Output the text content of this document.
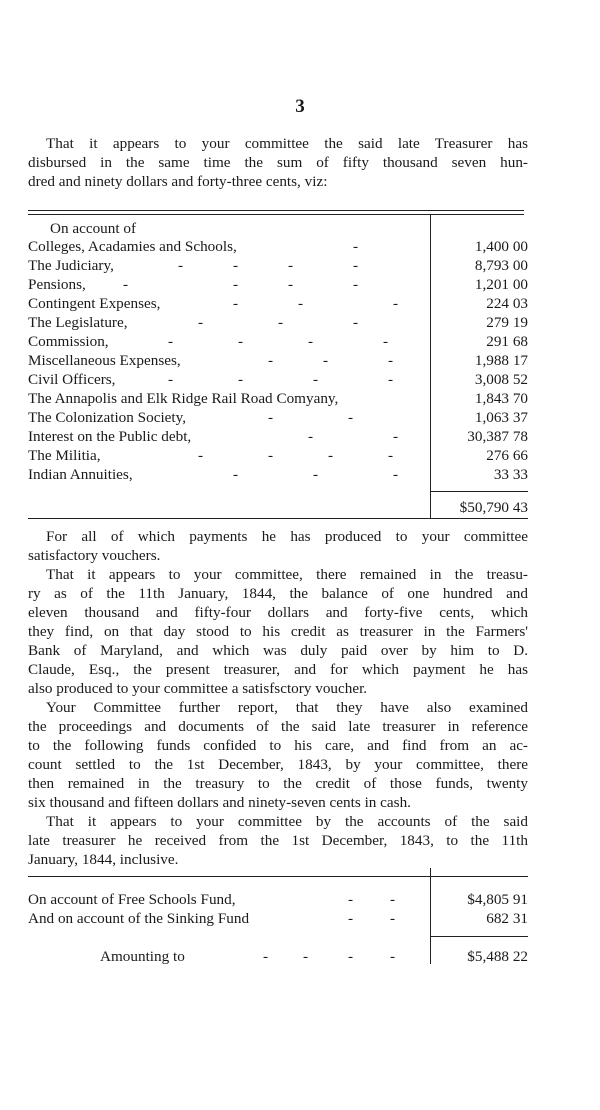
3
That it appears to your committee the said late Treasurer has
disbursed in the same time the sum of fifty thousand seven hun-
dred and ninety dollars and forty-three cents, viz:
On account of
Colleges, Acadamies and Schools,	-	1,400 00
The Judiciary,	-	-	-	-	8,793 00
Pensions, -	-	-	-	1,201 00
Contingent Expenses,	-	-	-	224 03
The Legislature,	-	-	-	279 19
Commission,	-	-	-	-	291 68
Miscellaneous Expenses,	-	-	-	1,988 17
Civil Officers,	-	-	-	-	3,008 52
The Annapolis and Elk Ridge Rail Road Comyany,	1,843 70
The Colonization Society,	-	-	1,063 37
Interest on the Public debt,	-	-	30,387 78
The Militia,	-	-	-	-	276 66
Indian Annuities,	-	-	-	33 33
$50,790 43
For all of which payments he has produced to your committee
satisfactory vouchers.
That it appears to your committee, there remained in the treasu-
ry as of the 11th January, 1844, the balance of one hundred and
eleven thousand and fifty-four dollars and forty-five cents, which
they find, on that day stood to his credit as treasurer in the Farmers'
Bank of Maryland, and which was duly paid over by him to D.
Claude, Esq., the present treasurer, and for which payment he has
also produced to your committee a satisfsctory voucher.
Your Committee further report, that they have also examined
the proceedings and documents of the said late treasurer in reference
to the following funds confided to his care, and find from an ac-
count settled to the 1st December, 1843, by your committee, there
then remained in the treasury to the credit of those funds, twenty
six thousand and fifteen dollars and ninety-seven cents in cash.
That it appears to your committee by the accounts of the said
late treasurer he received from the 1st December, 1843, to the 11th
January, 1844, inclusive.
On account of Free Schools Fund,	- -	$4,805 91
And on account of the Sinking Fund	- -	682 31
Amounting to	- -	- -	$5,488 22
